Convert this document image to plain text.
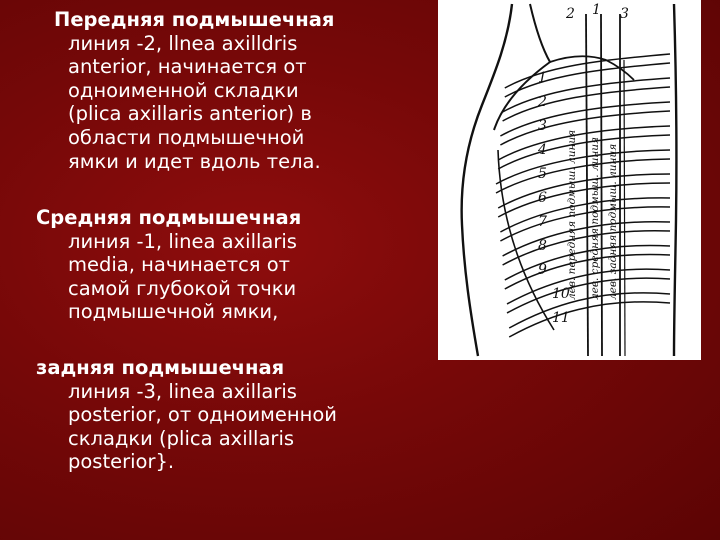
Передняя подмышечная
линия -2, llnea axilldris
anterior, начинается от
одноименной складки
(plica axillaris anterior) в
области подмышечной
ямки и идет вдоль тела.

Средняя подмышечная
линия -1, linea axillaris
media, начинается от
самой глубокой точки
подмышечной ямки,

задняя подмышечная
линия -3, linea axillaris
posterior, от одноименной
складки (plica axillaris
posterior}.

2 1 3
1
2
3
4
5
6
7
8
9
10
11
лев. передняя подмыш. линия лев. средняя подмыш. линия лев. задняя подмыш. линия
